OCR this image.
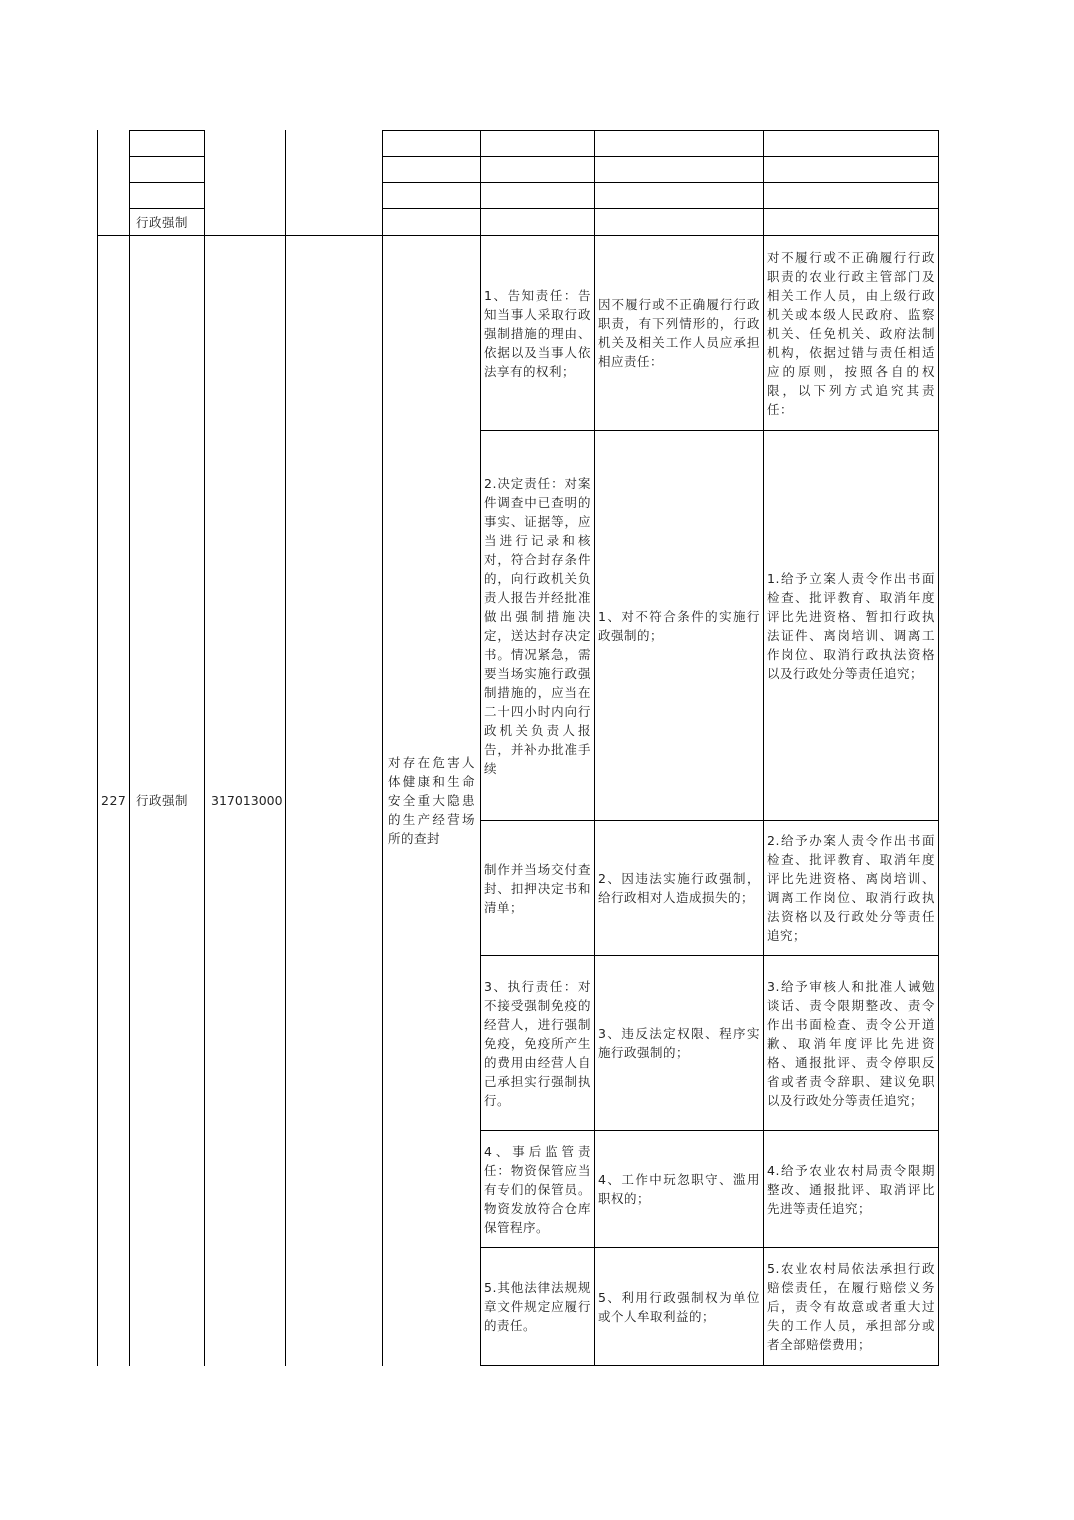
行政强制
227 行政强制	317013000
对存在危害人体健康和生命安全重大隐患的生产经营场所的查封
1、告知责任：告知当事人采取行政强制措施的理由、依据以及当事人依法享有的权利；
因不履行或不正确履行行政职责，有下列情形的，行政机关及相关工作人员应承担相应责任：
对不履行或不正确履行行政职责的农业行政主管部门及相关工作人员，由上级行政机关或本级人民政府、监察机关、任免机关、政府法制机构，依据过错与责任相适应的原则，按照各自的权限，以下列方式追究其责任：
2.决定责任：对案件调查中已查明的事实、证据等，应当进行记录和核对，符合封存条件的，向行政机关负责人报告并经批准做出强制措施决定，送达封存决定书。情况紧急，需要当场实施行政强制措施的，应当在二十四小时内向行政机关负责人报告，并补办批准手续
1、对不符合条件的实施行政强制的；
1.给予立案人责令作出书面检查、批评教育、取消年度评比先进资格、暂扣行政执法证件、离岗培训、调离工作岗位、取消行政执法资格以及行政处分等责任追究；
制作并当场交付查封、扣押决定书和清单；
2、因违法实施行政强制，给行政相对人造成损失的；
2.给予办案人责令作出书面检查、批评教育、取消年度评比先进资格、离岗培训、调离工作岗位、取消行政执法资格以及行政处分等责任追究；
3、执行责任：对不接受强制免疫的经营人，进行强制免疫，免疫所产生的费用由经营人自己承担实行强制执行。
3、违反法定权限、程序实施行政强制的；
3.给予审核人和批准人诫勉谈话、责令限期整改、责令作出书面检查、责令公开道歉、取消年度评比先进资格、通报批评、责令停职反省或者责令辞职、建议免职以及行政处分等责任追究；
4、事后监管责任：物资保管应当有专们的保管员。物资发放符合仓库保管程序。
4、工作中玩忽职守、滥用职权的；
4.给予农业农村局责令限期整改、通报批评、取消评比先进等责任追究；
5.其他法律法规规章文件规定应履行的责任。
5、利用行政强制权为单位或个人牟取利益的；
5.农业农村局依法承担行政赔偿责任，在履行赔偿义务后，责令有故意或者重大过失的工作人员，承担部分或者全部赔偿费用；
